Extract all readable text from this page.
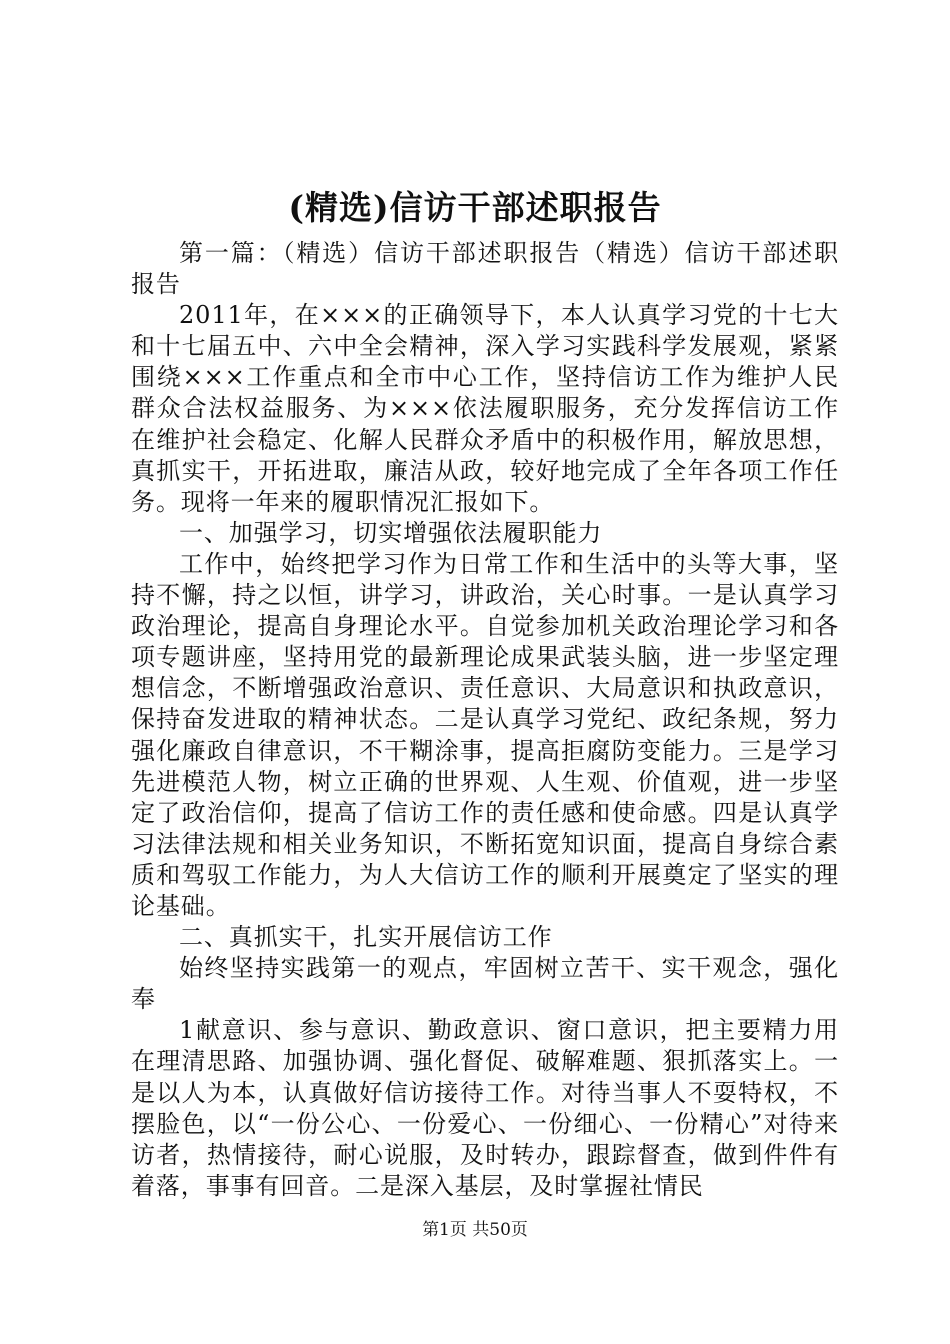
(精选)信访干部述职报告

第一篇：（精选）信访干部述职报告（精选）信访干部述职报告

2011年，在×××的正确领导下，本人认真学习党的十七大和十七届五中、六中全会精神，深入学习实践科学发展观，紧紧围绕×××工作重点和全市中心工作，坚持信访工作为维护人民群众合法权益服务、为×××依法履职服务，充分发挥信访工作在维护社会稳定、化解人民群众矛盾中的积极作用，解放思想，真抓实干，开拓进取，廉洁从政，较好地完成了全年各项工作任务。现将一年来的履职情况汇报如下。

一、加强学习，切实增强依法履职能力

工作中，始终把学习作为日常工作和生活中的头等大事，坚持不懈，持之以恒，讲学习，讲政治，关心时事。一是认真学习政治理论，提高自身理论水平。自觉参加机关政治理论学习和各项专题讲座，坚持用党的最新理论成果武装头脑，进一步坚定理想信念，不断增强政治意识、责任意识、大局意识和执政意识，保持奋发进取的精神状态。二是认真学习党纪、政纪条规，努力强化廉政自律意识，不干糊涂事，提高拒腐防变能力。三是学习先进模范人物，树立正确的世界观、人生观、价值观，进一步坚定了政治信仰，提高了信访工作的责任感和使命感。四是认真学习法律法规和相关业务知识，不断拓宽知识面，提高自身综合素质和驾驭工作能力，为人大信访工作的顺利开展奠定了坚实的理论基础。

二、真抓实干，扎实开展信访工作

始终坚持实践第一的观点，牢固树立苦干、实干观念，强化奉

1献意识、参与意识、勤政意识、窗口意识，把主要精力用在理清思路、加强协调、强化督促、破解难题、狠抓落实上。一是以人为本，认真做好信访接待工作。对待当事人不耍特权，不摆脸色，以“一份公心、一份爱心、一份细心、一份精心”对待来访者，热情接待，耐心说服，及时转办，跟踪督查，做到件件有着落，事事有回音。二是深入基层，及时掌握社情民

第1页 共50页
